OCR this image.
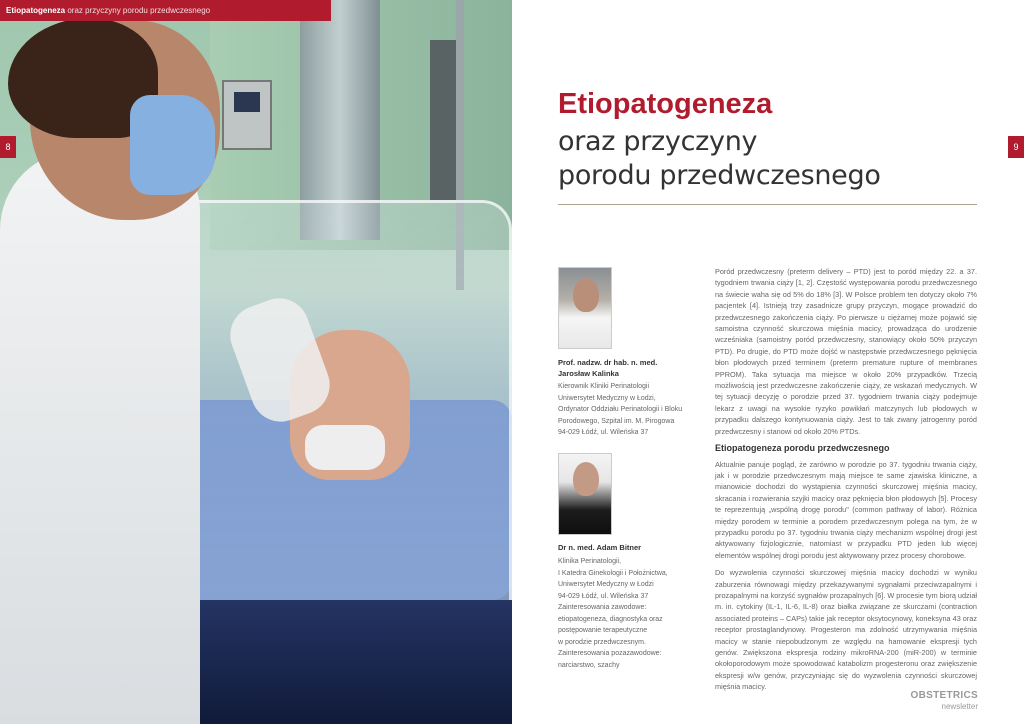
Etiopatogeneza oraz przyczyny porodu przedwczesnego
8	9
Etiopatogeneza
oraz przyczyny
porodu przedwczesnego
Prof. nadzw. dr hab. n. med.
Jarosław Kalinka
Kierownik Kliniki Perinatologii
Uniwersytet Medyczny w Łodzi,
Ordynator Oddziału Perinatologii i Bloku
Porodowego, Szpital im. M. Pirogowa
94-029 Łódź, ul. Wileńska 37
Dr n. med. Adam Bitner
Klinika Perinatologii,
I Katedra Ginekologii i Położnictwa,
Uniwersytet Medyczny w Łodzi
94-029 Łódź, ul. Wileńska 37
Zainteresowania zawodowe:
etiopatogeneza, diagnostyka oraz
postępowanie terapeutyczne
w porodzie przedwczesnym.
Zainteresowania pozazawodowe:
narciarstwo, szachy

Poród przedwczesny (preterm delivery – PTD) jest to poród między 22. a 37. tygodniem trwania ciąży [1, 2]. Częstość występowania porodu przedwczesnego na świecie waha się od 5% do 18% [3]. W Polsce problem ten dotyczy około 7% pacjentek [4]. Istnieją trzy zasadnicze grupy przyczyn, mogące prowadzić do przedwczesnego zakończenia ciąży. Po pierwsze u ciężarnej może pojawić się samoistna czynność skurczowa mięśnia macicy, prowadząca do urodzenie wcześniaka (samoistny poród przedwczesny, stanowiący około 50% przyczyn PTD). Po drugie, do PTD może dojść w następstwie przedwczesnego pęknięcia błon płodowych przed terminem (preterm premature rupture of membranes PPROM). Taka sytuacja ma miejsce w około 20% przypadków. Trzecią możliwością jest przedwczesne zakończenie ciąży, ze wskazań medycznych. W tej sytuacji decyzję o porodzie przed 37. tygodniem trwania ciąży podejmuje lekarz z uwagi na wysokie ryzyko powikłań matczynych lub płodowych w przypadku dalszego kontynuowania ciąży. Jest to tak zwany jatrogenny poród przedwczesny i stanowi od około 20% PTDs.

Etiopatogeneza porodu przedwczesnego

Aktualnie panuje pogląd, że zarówno w porodzie po 37. tygodniu trwania ciąży, jak i w porodzie przedwczesnym mają miejsce te same zjawiska kliniczne, a mianowicie dochodzi do wystąpienia czynności skurczowej mięśnia macicy, skracania i rozwierania szyjki macicy oraz pęknięcia błon płodowych [5]. Procesy te reprezentują „wspólną drogę porodu" (common pathway of labor). Różnica między porodem w terminie a porodem przedwczesnym polega na tym, że w przypadku porodu po 37. tygodniu trwania ciąży mechanizm wspólnej drogi jest aktywowany fizjologicznie, natomiast w przypadku PTD jeden lub więcej elementów wspólnej drogi porodu jest aktywowany przez procesy chorobowe.

Do wyzwolenia czynności skurczowej mięśnia macicy dochodzi w wyniku zaburzenia równowagi między przekazywanymi sygnałami przeciwzapalnymi i prozapalnymi na korzyść sygnałów prozapalnych [6]. W procesie tym biorą udział m. in. cytokiny (IL-1, IL-6, IL-8) oraz białka związane ze skurczami (contraction associated proteins – CAPs) takie jak receptor oksytocynowy, koneksyna 43 oraz receptor prostaglandynowy. Progesteron ma zdolność utrzymywania mięśnia macicy w stanie niepobudzonym ze względu na hamowanie ekspresji tych genów. Zwiększona ekspresja rodziny mikroRNA-200 (miR-200) w terminie okołoporodowym może spowodować katabolizm progesteronu oraz zwiększenie ekspresji w/w genów, przyczyniając się do wyzwolenia czynności skurczowej mięśnia macicy.

OBSTETRICS
newsletter
